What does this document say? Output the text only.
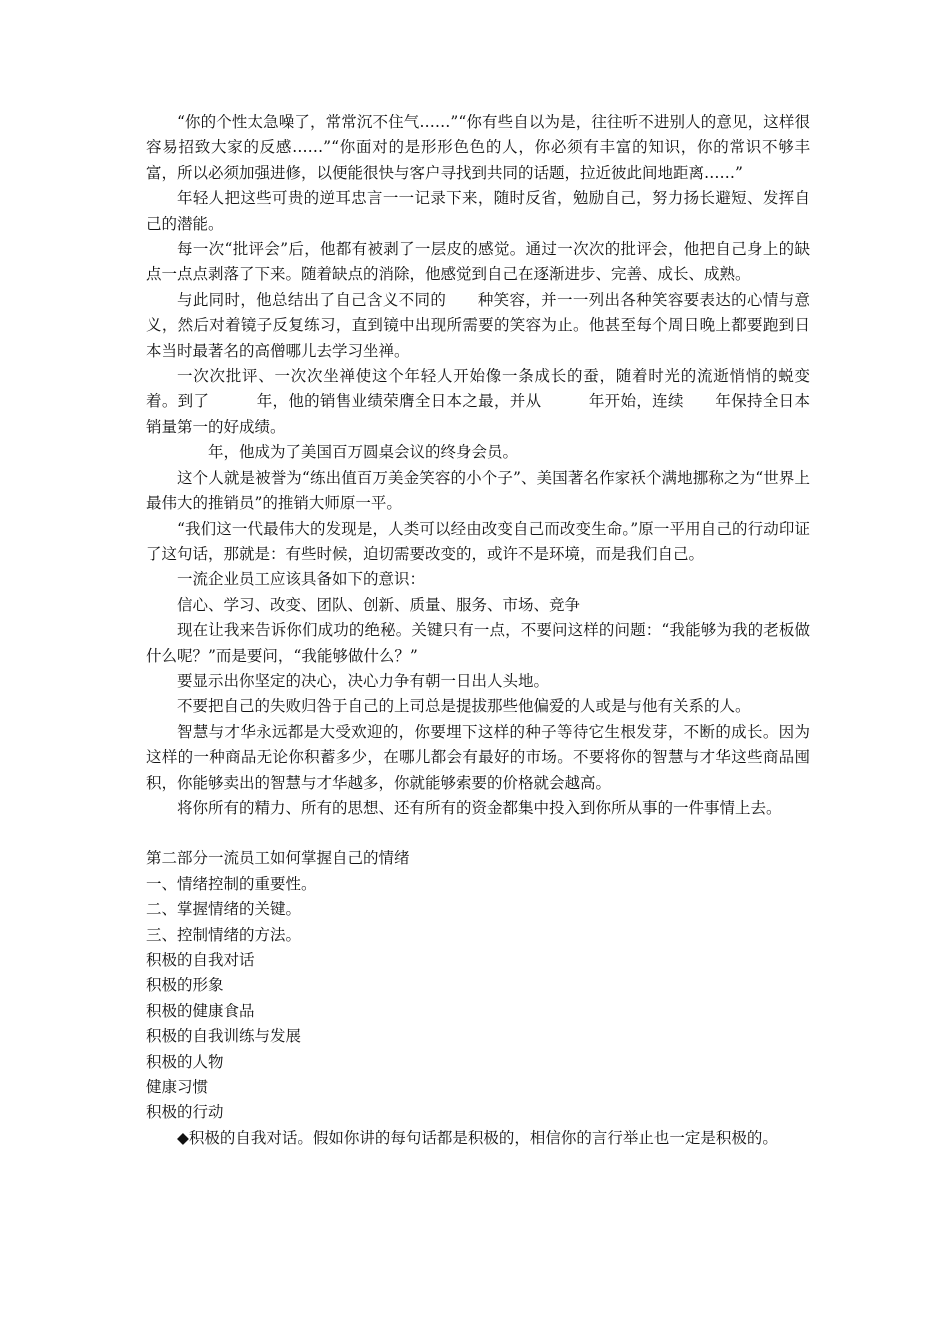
“你的个性太急噪了，常常沉不住气……”“你有些自以为是，往往听不进别人的意见，这样很容易招致大家的反感……”“你面对的是形形色色的人，你必须有丰富的知识，你的常识不够丰富，所以必须加强进修，以便能很快与客户寻找到共同的话题，拉近彼此间地距离……”

年轻人把这些可贵的逆耳忠言一一记录下来，随时反省，勉励自己，努力扬长避短、发挥自己的潜能。

每一次“批评会”后，他都有被剥了一层皮的感觉。通过一次次的批评会，他把自己身上的缺点一点点剥落了下来。随着缺点的消除，他感觉到自己在逐渐进步、完善、成长、成熟。

与此同时，他总结出了自己含义不同的　　种笑容，并一一列出各种笑容要表达的心情与意义，然后对着镜子反复练习，直到镜中出现所需要的笑容为止。他甚至每个周日晚上都要跑到日本当时最著名的高僧哪儿去学习坐禅。

一次次批评、一次次坐禅使这个年轻人开始像一条成长的蚕，随着时光的流逝悄悄的蜕变着。到了　　　年，他的销售业绩荣膺全日本之最，并从　　　年开始，连续　　年保持全日本销量第一的好成绩。

　　年，他成为了美国百万圆桌会议的终身会员。

这个人就是被誉为“练出值百万美金笑容的小个子”、美国著名作家袄个满地挪称之为“世界上最伟大的推销员”的推销大师原一平。

“我们这一代最伟大的发现是，人类可以经由改变自己而改变生命。”原一平用自己的行动印证了这句话，那就是：有些时候，迫切需要改变的，或许不是环境，而是我们自己。

一流企业员工应该具备如下的意识：

信心、学习、改变、团队、创新、质量、服务、市场、竞争

现在让我来告诉你们成功的绝秘。关键只有一点，不要问这样的问题：“我能够为我的老板做什么呢？”而是要问，“我能够做什么？”

要显示出你坚定的决心，决心力争有朝一日出人头地。

不要把自己的失败归咎于自己的上司总是提拔那些他偏爱的人或是与他有关系的人。

智慧与才华永远都是大受欢迎的，你要埋下这样的种子等待它生根发芽，不断的成长。因为这样的一种商品无论你积蓄多少，在哪儿都会有最好的市场。不要将你的智慧与才华这些商品囤积，你能够卖出的智慧与才华越多，你就能够索要的价格就会越高。

将你所有的精力、所有的思想、还有所有的资金都集中投入到你所从事的一件事情上去。

第二部分一流员工如何掌握自己的情绪

一、情绪控制的重要性。

二、掌握情绪的关键。

三、控制情绪的方法。

积极的自我对话

积极的形象

积极的健康食品

积极的自我训练与发展

积极的人物

健康习惯

积极的行动

◆积极的自我对话。假如你讲的每句话都是积极的，相信你的言行举止也一定是积极的。
